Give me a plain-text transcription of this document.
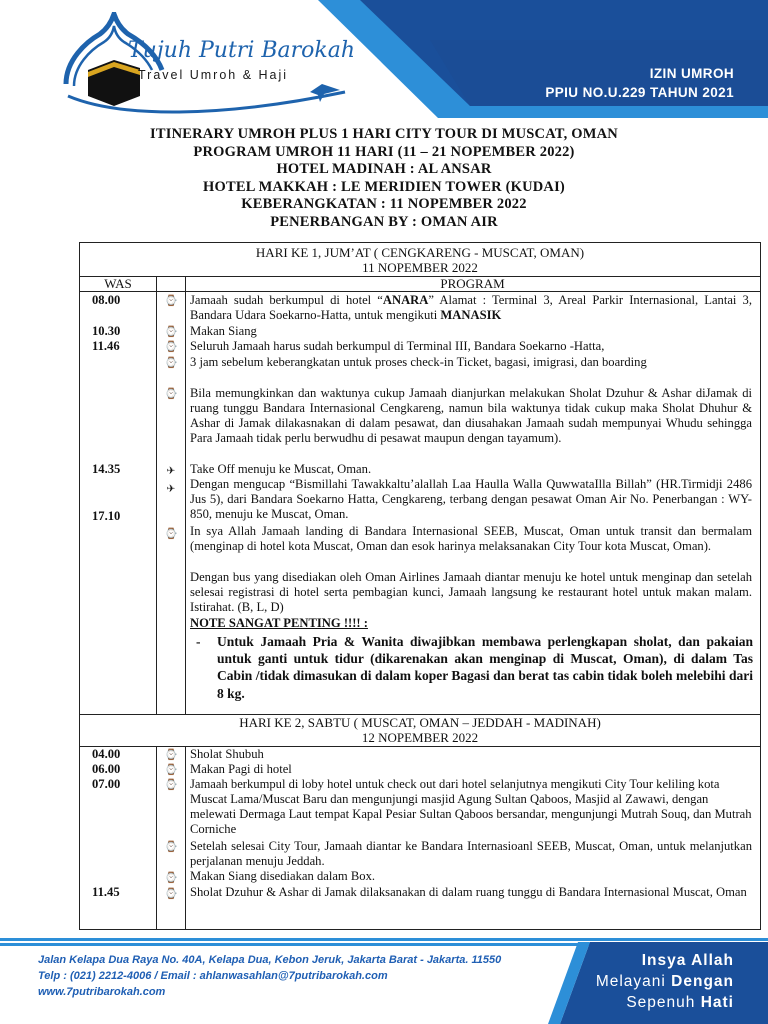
IZIN UMROH
PPIU NO.U.229 TAHUN 2021
Tujuh Putri Barokah
Travel Umroh & Haji
ITINERARY UMROH PLUS 1 HARI CITY TOUR DI MUSCAT, OMAN
PROGRAM UMROH 11 HARI (11 – 21 NOPEMBER 2022)
HOTEL MADINAH : AL ANSAR
HOTEL MAKKAH : LE MERIDIEN TOWER (KUDAI)
KEBERANGKATAN : 11 NOPEMBER 2022
PENERBANGAN BY : OMAN AIR
HARI KE 1, JUM’AT ( CENGKARENG - MUSCAT, OMAN)
11 NOPEMBER 2022
WAS	PROGRAM
08.00
10.30
11.46
14.35
17.10
⌚
⌚
⌚
⌚
⌚
✈
✈
⌚
Jamaah sudah berkumpul di hotel “ANARA” Alamat : Terminal 3, Areal Parkir Internasional, Lantai 3, Bandara Udara Soekarno-Hatta, untuk mengikuti MANASIK
Makan Siang
Seluruh Jamaah harus sudah berkumpul di Terminal III, Bandara Soekarno -Hatta,
3 jam sebelum keberangkatan untuk proses check-in Ticket, bagasi, imigrasi, dan boarding
Bila memungkinkan dan waktunya cukup Jamaah dianjurkan melakukan Sholat Dzuhur & Ashar diJamak di ruang tunggu Bandara Internasional Cengkareng, namun bila waktunya tidak cukup maka Sholat Dhuhur & Ashar di Jamak dilakasnakan di dalam pesawat, dan diusahakan Jamaah sudah mempunyai Whudu sehingga Para Jamaah tidak perlu berwudhu di pesawat maupun dengan tayamum).
Take Off menuju ke Muscat, Oman.
Dengan mengucap “Bismillahi Tawakkaltu’alallah Laa Haulla Walla QuwwataIlla Billah” (HR.Tirmidji 2486 Jus 5), dari Bandara Soekarno Hatta, Cengkareng, terbang dengan pesawat Oman Air No. Penerbangan : WY-850, menuju ke Muscat, Oman.
In sya Allah Jamaah landing di Bandara Internasional SEEB, Muscat, Oman untuk transit dan bermalam (menginap di hotel kota Muscat, Oman dan esok harinya melaksanakan City Tour kota Muscat, Oman).
Dengan bus yang disediakan oleh Oman Airlines Jamaah diantar menuju ke hotel untuk menginap dan setelah selesai registrasi di hotel serta pembagian kunci, Jamaah langsung ke restaurant hotel untuk makan malam. Istirahat. (B, L, D)
NOTE SANGAT PENTING !!!! :
- Untuk Jamaah Pria & Wanita diwajibkan membawa perlengkapan sholat, dan pakaian untuk ganti untuk tidur (dikarenakan akan menginap di Muscat, Oman), di dalam Tas Cabin /tidak dimasukan di dalam koper Bagasi dan berat tas cabin tidak boleh melebihi dari 8 kg.
HARI KE 2, SABTU ( MUSCAT, OMAN – JEDDAH - MADINAH)
12 NOPEMBER 2022
04.00
06.00
07.00
11.45
⌚
⌚
⌚
⌚
⌚
⌚
Sholat Shubuh
Makan Pagi di hotel
Jamaah berkumpul di loby hotel untuk check out dari hotel selanjutnya mengikuti City Tour keliling kota Muscat Lama/Muscat Baru dan mengunjungi masjid Agung Sultan Qaboos, Masjid al Zawawi, dengan melewati Dermaga Laut tempat Kapal Pesiar Sultan Qaboos bersandar, mengunjungi Mutrah Souq, dan Mutrah Corniche
Setelah selesai City Tour, Jamaah diantar ke Bandara Internasioanl SEEB, Muscat, Oman, untuk melanjutkan perjalanan menuju Jeddah.
Makan Siang disediakan dalam Box.
Sholat Dzuhur & Ashar di Jamak dilaksanakan di dalam ruang tunggu di Bandara Internasional Muscat, Oman
Jalan Kelapa Dua Raya No. 40A, Kelapa Dua, Kebon Jeruk, Jakarta Barat - Jakarta. 11550
Telp : (021) 2212-4006 / Email : ahlanwasahlan@7putribarokah.com
www.7putribarokah.com
Insya Allah
Melayani Dengan
Sepenuh Hati
